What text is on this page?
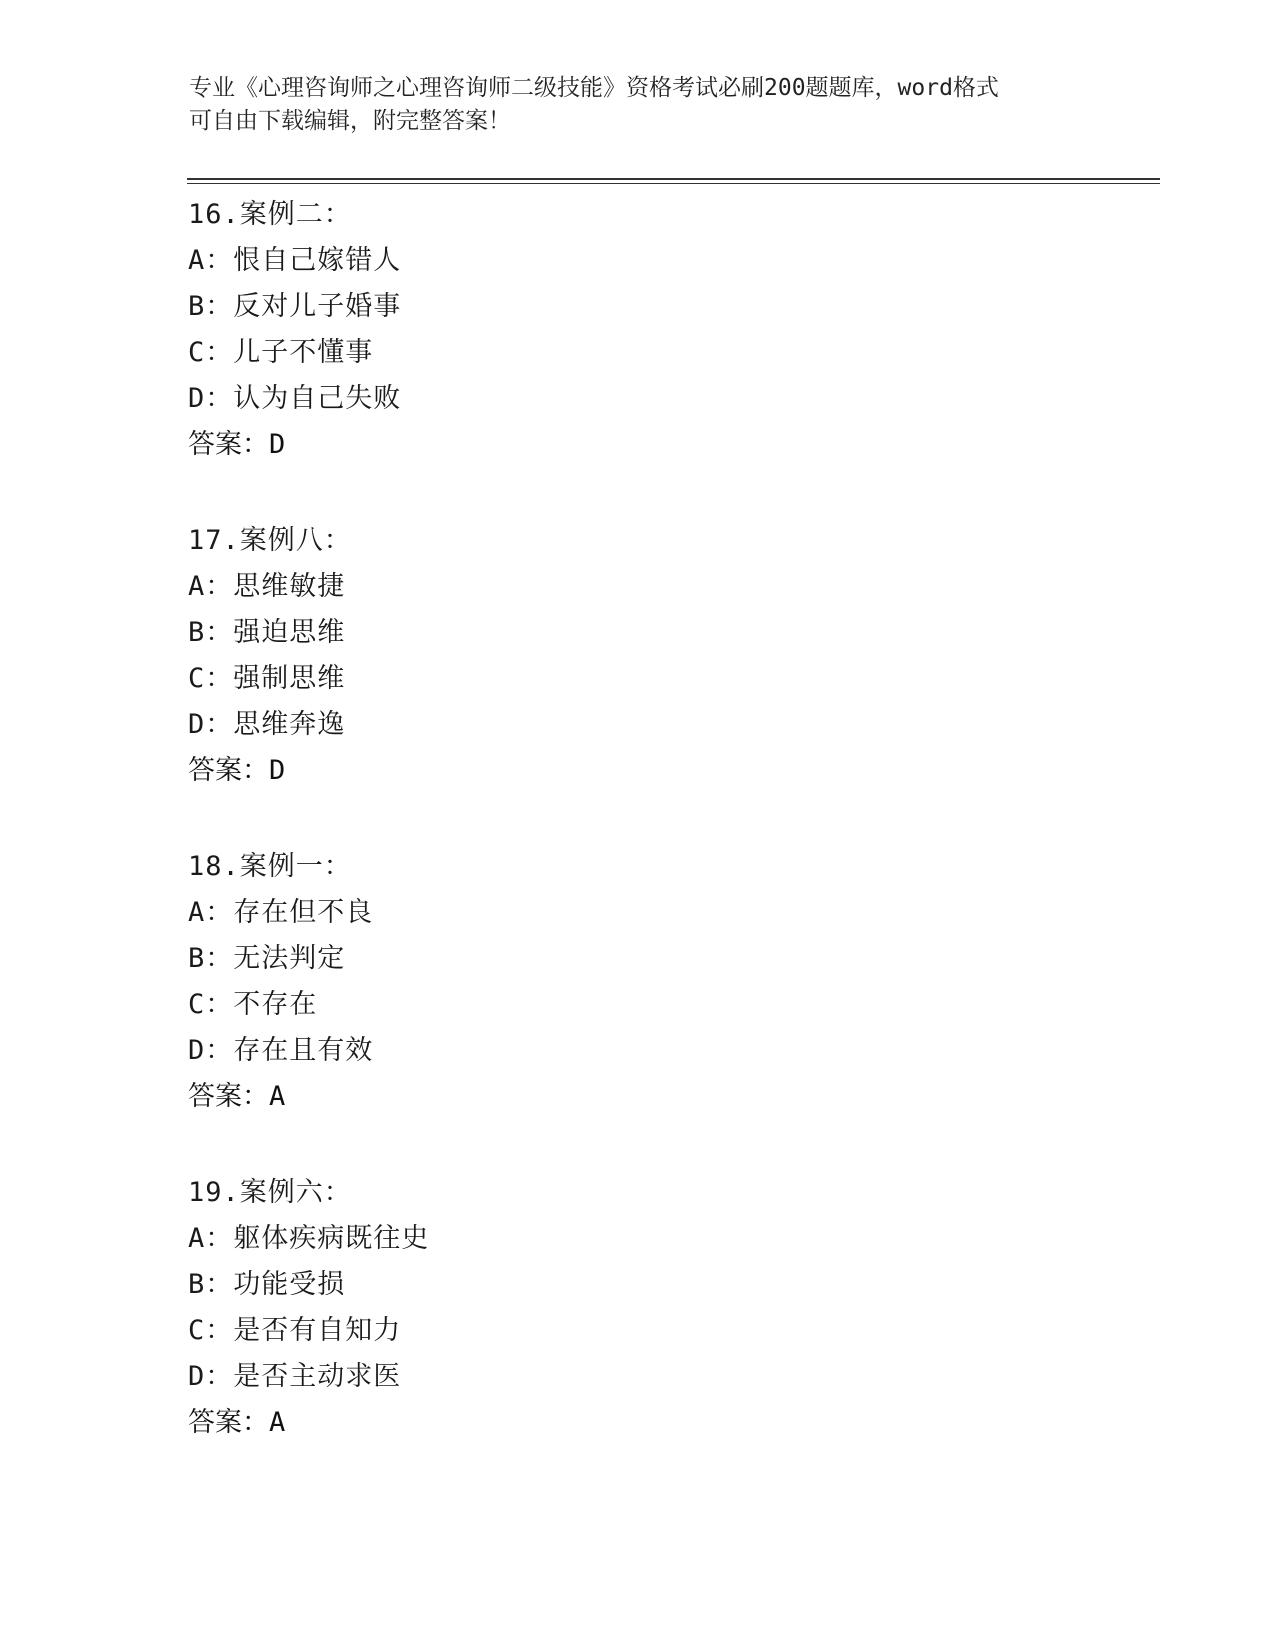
专业《心理咨询师之心理咨询师二级技能》资格考试必刷200题题库，word格式
可自由下载编辑，附完整答案！
16.案例二：
A：恨自己嫁错人
B：反对儿子婚事
C：儿子不懂事
D：认为自己失败
答案：D
17.案例八：
A：思维敏捷
B：强迫思维
C：强制思维
D：思维奔逸
答案：D
18.案例一：
A：存在但不良
B：无法判定
C：不存在
D：存在且有效
答案：A
19.案例六：
A：躯体疾病既往史
B：功能受损
C：是否有自知力
D：是否主动求医
答案：A
